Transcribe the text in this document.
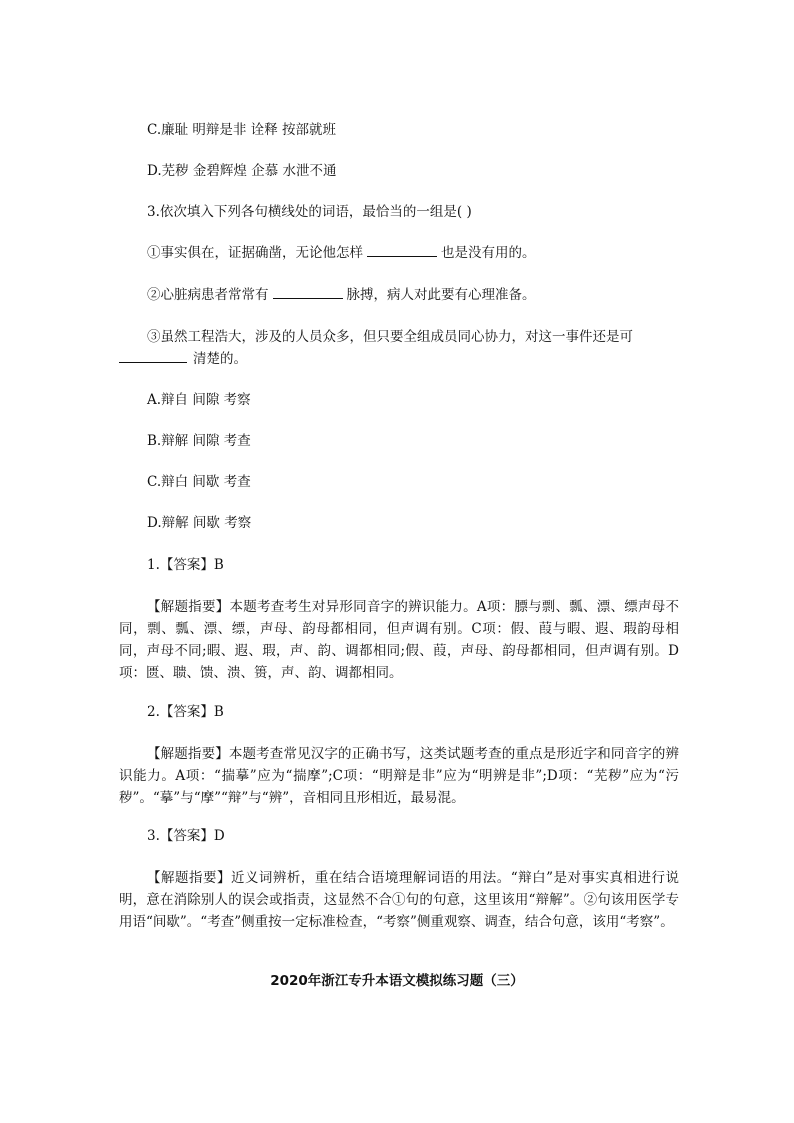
C.廉耻 明辩是非 诠释 按部就班
D.芜秽 金碧辉煌 企慕 水泄不通
3.依次填入下列各句横线处的词语，最恰当的一组是( )
①事实俱在，证据确凿，无论他怎样	也是没有用的。
②心脏病患者常常有	脉搏，病人对此要有心理准备。
③虽然工程浩大，涉及的人员众多，但只要全组成员同心协力，对这一事件还是可
清楚的。
A.辩自 间隙 考察
B.辩解 间隙 考查
C.辩白 间歇 考查
D.辩解 间歇 考察
1.【答案】B
【解题指要】本题考查考生对异形同音字的辨识能力。A项：膘与剽、瓢、漂、缥声母不同，剽、瓢、漂、缥，声母、韵母都相同，但声调有别。C项：假、葭与暇、遐、瑕韵母相同，声母不同;暇、遐、瑕，声、韵、调都相同;假、葭，声母、韵母都相同，但声调有别。D项：匮、聩、馈、溃、篑，声、韵、调都相同。
2.【答案】B
【解题指要】本题考查常见汉字的正确书写，这类试题考查的重点是形近字和同音字的辨识能力。A项：“揣摹”应为“揣摩”;C项：“明辩是非”应为“明辨是非”;D项：“芜秽”应为“污秽”。“摹”与“摩”“辩”与“辨”，音相同且形相近，最易混。
3.【答案】D
【解题指要】近义词辨析，重在结合语境理解词语的用法。“辩白”是对事实真相进行说明，意在消除别人的误会或指责，这显然不合①句的句意，这里该用“辩解”。②句该用医学专用语“间歇”。“考查”侧重按一定标准检查，“考察”侧重观察、调查，结合句意，该用“考察”。
2020年浙江专升本语文模拟练习题（三）
